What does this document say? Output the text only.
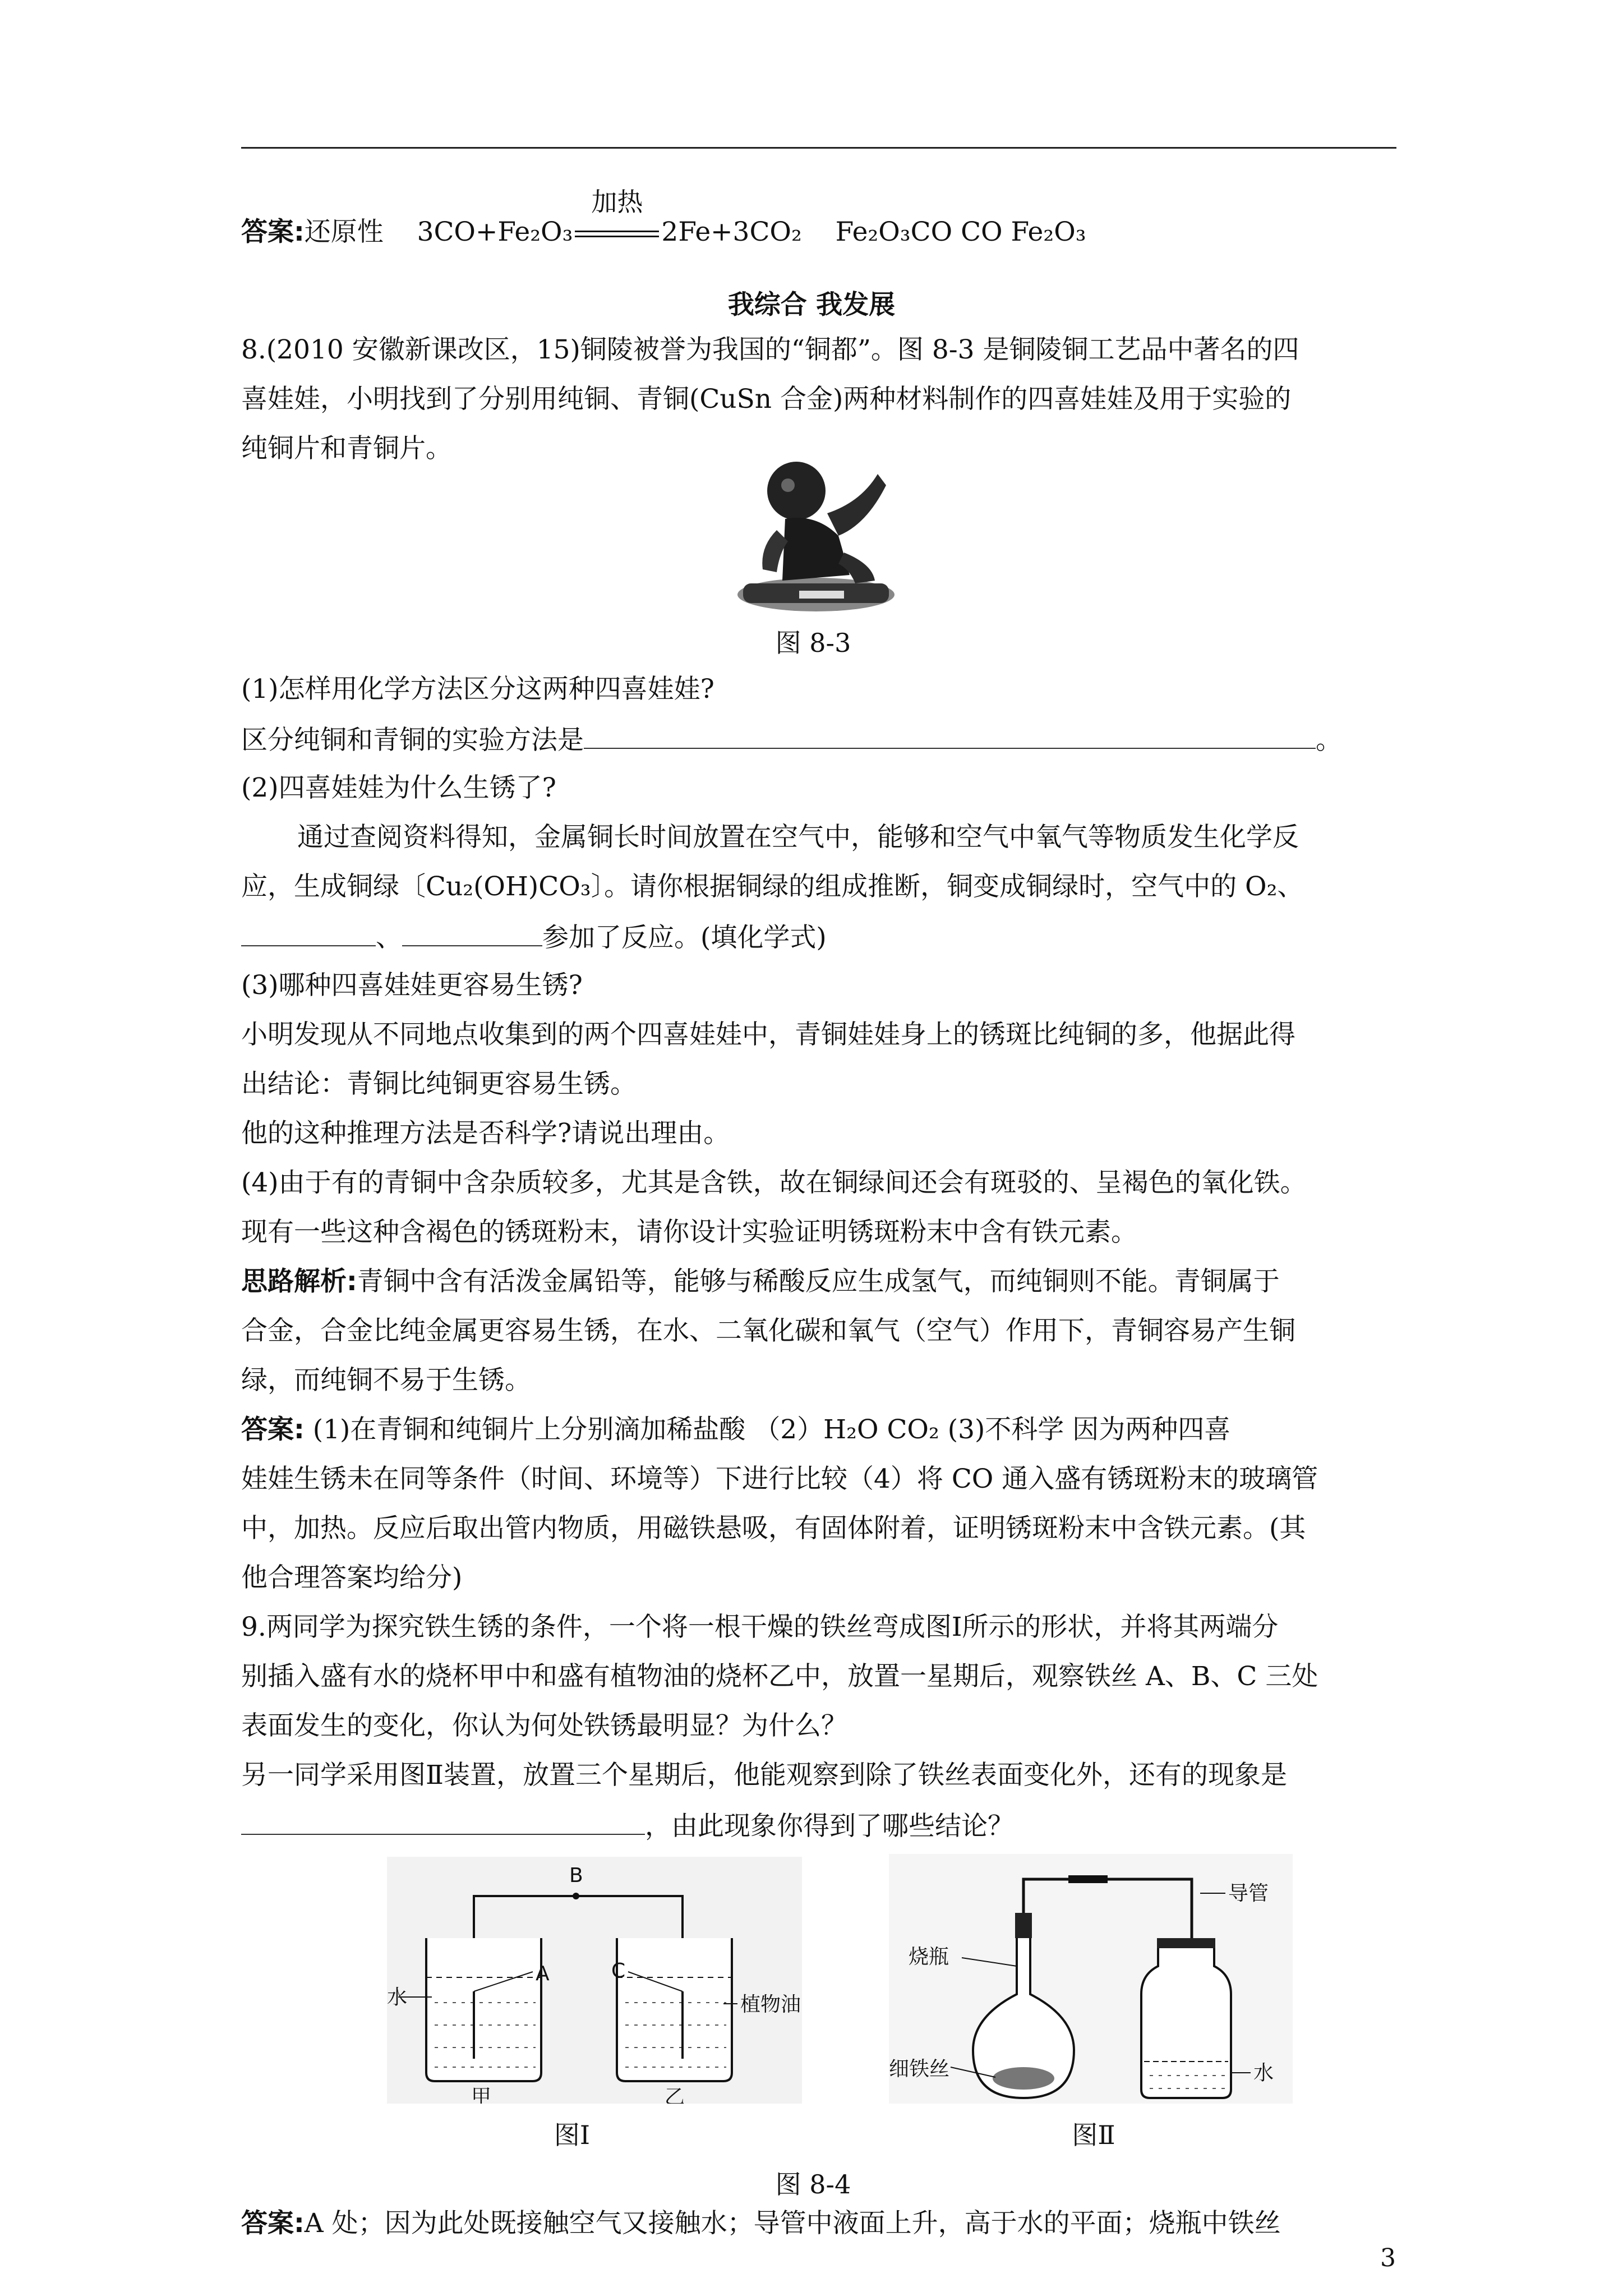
答案:还原性 3CO+Fe₂O₃
加热
2Fe+3CO₂ Fe₂O₃CO CO Fe₂O₃
我综合 我发展
8.(2010 安徽新课改区，15)铜陵被誉为我国的“铜都”。图 8-3 是铜陵铜工艺品中著名的四
喜娃娃，小明找到了分别用纯铜、青铜(CuSn 合金)两种材料制作的四喜娃娃及用于实验的
纯铜片和青铜片。
图 8-3
(1)怎样用化学方法区分这两种四喜娃娃?
区分纯铜和青铜的实验方法是	。
(2)四喜娃娃为什么生锈了?
通过查阅资料得知，金属铜长时间放置在空气中，能够和空气中氧气等物质发生化学反
应，生成铜绿〔Cu₂(OH)CO₃〕。请你根据铜绿的组成推断，铜变成铜绿时，空气中的 O₂、
、	参加了反应。(填化学式)
(3)哪种四喜娃娃更容易生锈?
小明发现从不同地点收集到的两个四喜娃娃中，青铜娃娃身上的锈斑比纯铜的多，他据此得
出结论：青铜比纯铜更容易生锈。
他的这种推理方法是否科学?请说出理由。
(4)由于有的青铜中含杂质较多，尤其是含铁，故在铜绿间还会有斑驳的、呈褐色的氧化铁。
现有一些这种含褐色的锈斑粉末，请你设计实验证明锈斑粉末中含有铁元素。
思路解析:青铜中含有活泼金属铅等，能够与稀酸反应生成氢气，而纯铜则不能。青铜属于
合金，合金比纯金属更容易生锈，在水、二氧化碳和氧气（空气）作用下，青铜容易产生铜
绿，而纯铜不易于生锈。
答案: (1)在青铜和纯铜片上分别滴加稀盐酸 （2）H₂O CO₂ (3)不科学 因为两种四喜
娃娃生锈未在同等条件（时间、环境等）下进行比较（4）将 CO 通入盛有锈斑粉末的玻璃管
中，加热。反应后取出管内物质，用磁铁悬吸，有固体附着，证明锈斑粉末中含铁元素。(其
他合理答案均给分)
9.两同学为探究铁生锈的条件，一个将一根干燥的铁丝弯成图Ⅰ所示的形状，并将其两端分
别插入盛有水的烧杯甲中和盛有植物油的烧杯乙中，放置一星期后，观察铁丝 A、B、C 三处
表面发生的变化，你认为何处铁锈最明显？为什么？
另一同学采用图Ⅱ装置，放置三个星期后，他能观察到除了铁丝表面变化外，还有的现象是
，由此现象你得到了哪些结论？
B
A
水
C
植物油
甲	乙
图Ⅰ
导管
烧瓶
细铁丝	水
图Ⅱ
图 8-4
答案:A 处；因为此处既接触空气又接触水；导管中液面上升，高于水的平面；烧瓶中铁丝
3
